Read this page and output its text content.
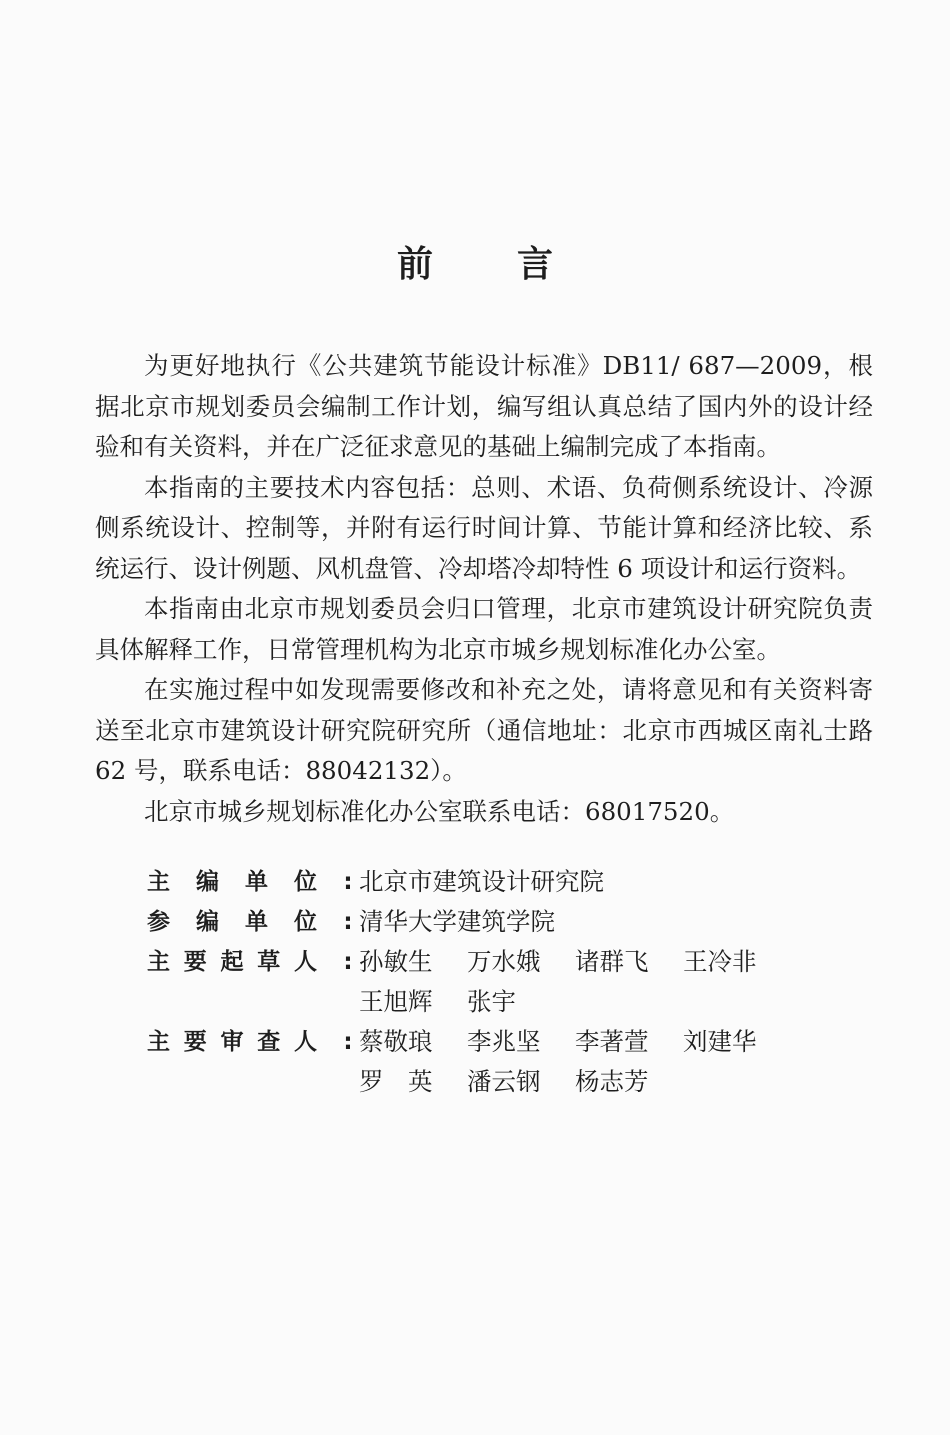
前言

为更好地执行《公共建筑节能设计标准》DB11/ 687—2009，根据北京市规划委员会编制工作计划，编写组认真总结了国内外的设计经验和有关资料，并在广泛征求意见的基础上编制完成了本指南。

本指南的主要技术内容包括：总则、术语、负荷侧系统设计、冷源侧系统设计、控制等，并附有运行时间计算、节能计算和经济比较、系统运行、设计例题、风机盘管、冷却塔冷却特性 6 项设计和运行资料。

本指南由北京市规划委员会归口管理，北京市建筑设计研究院负责具体解释工作，日常管理机构为北京市城乡规划标准化办公室。

在实施过程中如发现需要修改和补充之处，请将意见和有关资料寄送至北京市建筑设计研究院研究所（通信地址：北京市西城区南礼士路 62 号，联系电话：88042132）。

北京市城乡规划标准化办公室联系电话：68017520。

主 编 单 位 : 北京市建筑设计研究院
参 编 单 位 : 清华大学建筑学院
主 要 起 草 人 : 孙敏生	万水娥	诸群飞	王冷非
王旭辉	张宇
主 要 审 查 人 : 蔡敬琅	李兆坚	李著萱	刘建华
罗　英	潘云钢	杨志芳
